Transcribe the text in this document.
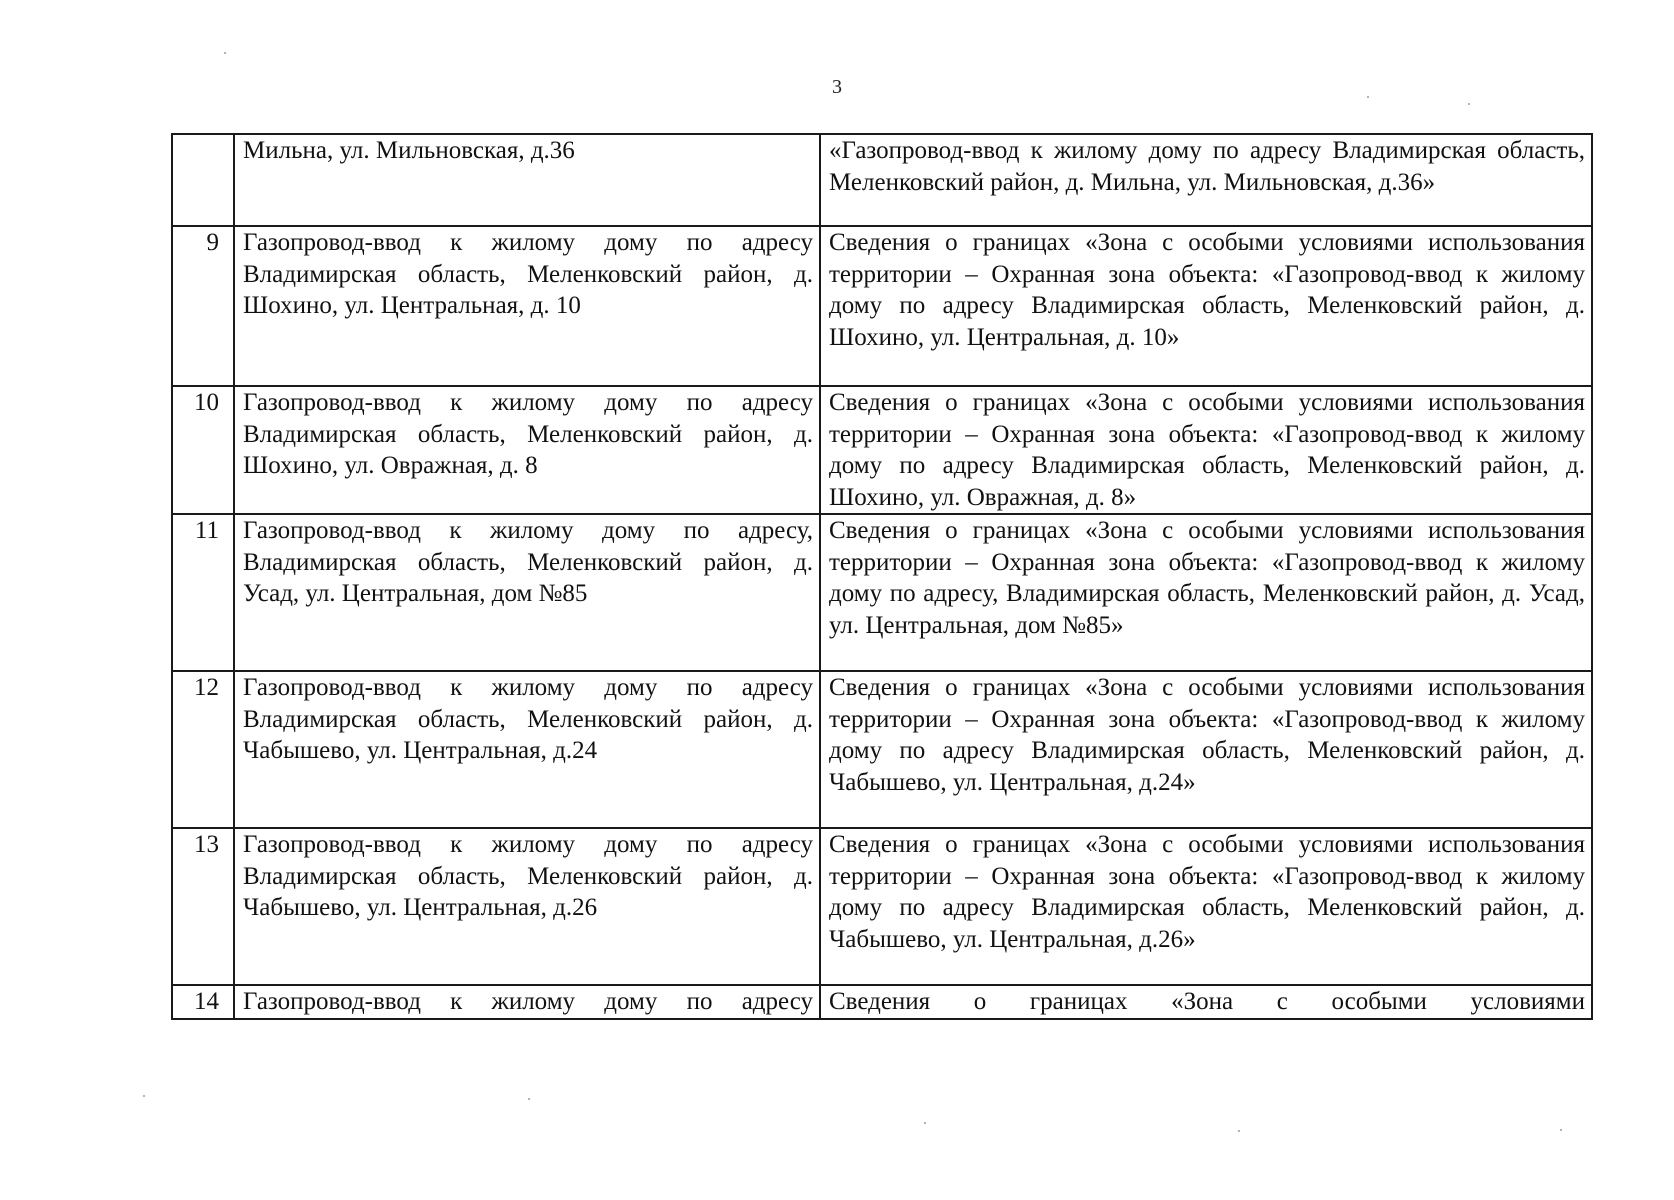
3
	Мильна, ул. Мильновская, д.36	«Газопровод-ввод к жилому дому по адресу Владимирская область, Меленковский район, д. Мильна, ул. Мильновская, д.36»
9	Газопровод-ввод к жилому дому по адресу Владимирская область, Меленковский район, д. Шохино, ул. Центральная, д. 10	Сведения о границах «Зона с особыми условиями использования территории – Охранная зона объекта: «Газопровод-ввод к жилому дому по адресу Владимирская область, Меленковский район, д. Шохино, ул. Центральная, д. 10»
10	Газопровод-ввод к жилому дому по адресу Владимирская область, Меленковский район, д. Шохино, ул. Овражная, д. 8	Сведения о границах «Зона с особыми условиями использования территории – Охранная зона объекта: «Газопровод-ввод к жилому дому по адресу Владимирская область, Меленковский район, д. Шохино, ул. Овражная, д. 8»
11	Газопровод-ввод к жилому дому по адресу, Владимирская область, Меленковский район, д. Усад, ул. Центральная, дом №85	Сведения о границах «Зона с особыми условиями использования территории – Охранная зона объекта: «Газопровод-ввод к жилому дому по адресу, Владимирская область, Меленковский район, д. Усад, ул. Центральная, дом №85»
12	Газопровод-ввод к жилому дому по адресу Владимирская область, Меленковский район, д. Чабышево, ул. Центральная, д.24	Сведения о границах «Зона с особыми условиями использования территории – Охранная зона объекта: «Газопровод-ввод к жилому дому по адресу Владимирская область, Меленковский район, д. Чабышево, ул. Центральная, д.24»
13	Газопровод-ввод к жилому дому по адресу Владимирская область, Меленковский район, д. Чабышево, ул. Центральная, д.26	Сведения о границах «Зона с особыми условиями использования территории – Охранная зона объекта: «Газопровод-ввод к жилому дому по адресу Владимирская область, Меленковский район, д. Чабышево, ул. Центральная, д.26»
14	Газопровод-ввод к жилому дому по адресу	Сведения о границах «Зона с особыми условиями
